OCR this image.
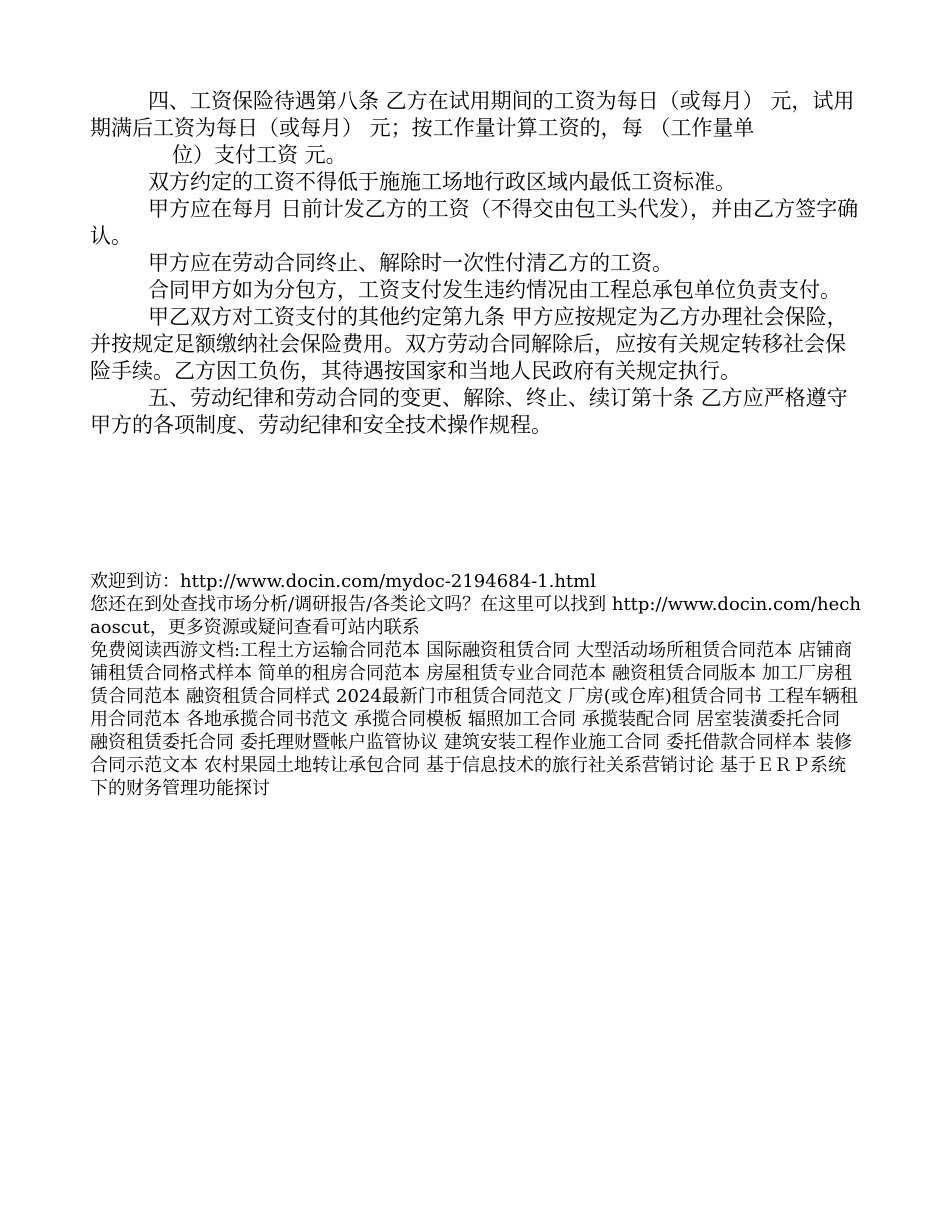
四、工资保险待遇第八条 乙方在试用期间的工资为每日（或每月） 元，试用期满后工资为每日（或每月） 元；按工作量计算工资的，每 （工作量单

位）支付工资 元。

双方约定的工资不得低于施施工场地行政区域内最低工资标准。

甲方应在每月 日前计发乙方的工资（不得交由包工头代发），并由乙方签字确认。

甲方应在劳动合同终止、解除时一次性付清乙方的工资。

合同甲方如为分包方，工资支付发生违约情况由工程总承包单位负责支付。

甲乙双方对工资支付的其他约定第九条 甲方应按规定为乙方办理社会保险，并按规定足额缴纳社会保险费用。双方劳动合同解除后，应按有关规定转移社会保险手续。乙方因工负伤，其待遇按国家和当地人民政府有关规定执行。

五、劳动纪律和劳动合同的变更、解除、终止、续订第十条 乙方应严格遵守甲方的各项制度、劳动纪律和安全技术操作规程。

欢迎到访：http://www.docin.com/mydoc-2194684-1.html

您还在到处查找市场分析/调研报告/各类论文吗？在这里可以找到 http://www.docin.com/hechaoscut，更多资源或疑问查看可站内联系

免费阅读西游文档:工程土方运输合同范本 国际融资租赁合同 大型活动场所租赁合同范本 店铺商铺租赁合同格式样本 简单的租房合同范本 房屋租赁专业合同范本 融资租赁合同版本 加工厂房租赁合同范本 融资租赁合同样式 2024最新门市租赁合同范文 厂房(或仓库)租赁合同书 工程车辆租用合同范本 各地承揽合同书范文 承揽合同模板 辐照加工合同 承揽装配合同 居室装潢委托合同融资租赁委托合同 委托理财暨帐户监管协议 建筑安装工程作业施工合同 委托借款合同样本 装修合同示范文本 农村果园土地转让承包合同 基于信息技术的旅行社关系营销讨论 基于ＥＲＰ系统下的财务管理功能探讨
